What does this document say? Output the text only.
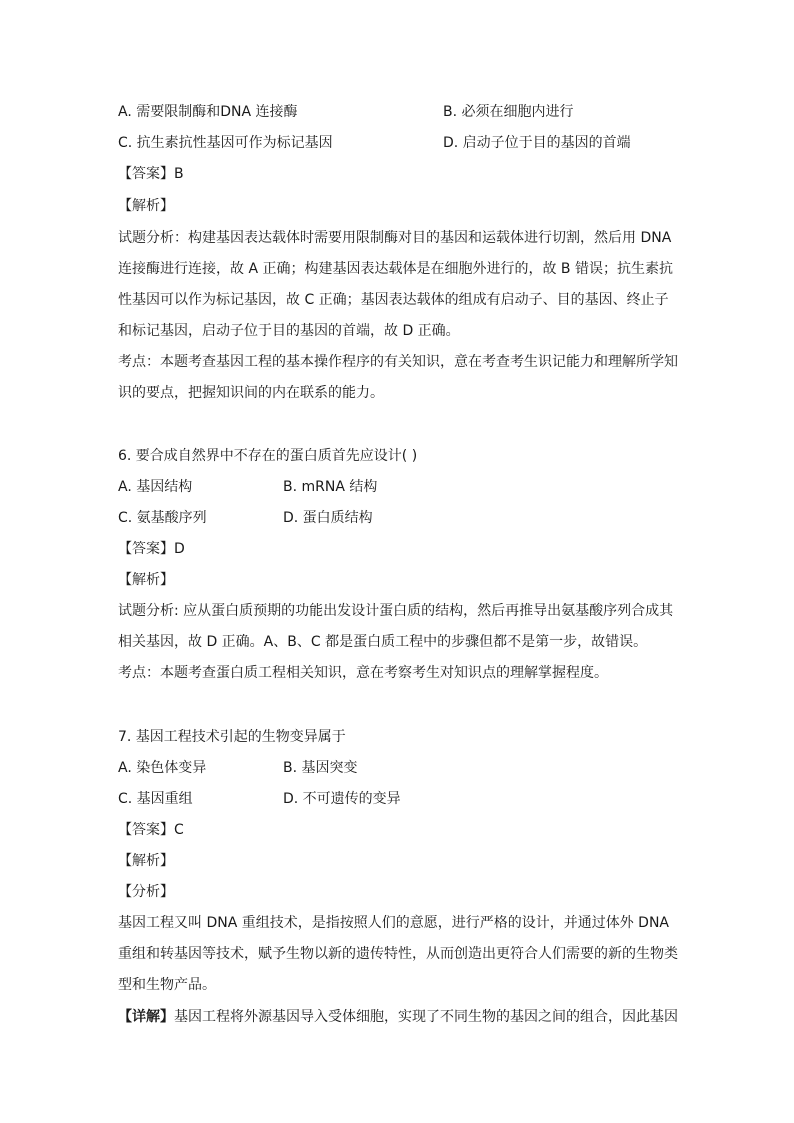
A. 需要限制酶和DNA 连接酶	B. 必须在细胞内进行
C. 抗生素抗性基因可作为标记基因	D. 启动子位于目的基因的首端
【答案】B
【解析】
试题分析：构建基因表达载体时需要用限制酶对目的基因和运载体进行切割，然后用 DNA
连接酶进行连接，故 A 正确；构建基因表达载体是在细胞外进行的，故 B 错误；抗生素抗
性基因可以作为标记基因，故 C 正确；基因表达载体的组成有启动子、目的基因、终止子
和标记基因，启动子位于目的基因的首端，故 D 正确。
考点：本题考查基因工程的基本操作程序的有关知识，意在考查考生识记能力和理解所学知
识的要点，把握知识间的内在联系的能力。
6. 要合成自然界中不存在的蛋白质首先应设计( )
A. 基因结构	B. mRNA 结构
C. 氨基酸序列	D. 蛋白质结构
【答案】D
【解析】
试题分析: 应从蛋白质预期的功能出发设计蛋白质的结构，然后再推导出氨基酸序列合成其
相关基因，故 D 正确。A、B、C 都是蛋白质工程中的步骤但都不是第一步，故错误。
考点：本题考查蛋白质工程相关知识，意在考察考生对知识点的理解掌握程度。
7. 基因工程技术引起的生物变异属于
A. 染色体变异	B. 基因突变
C. 基因重组	D. 不可遗传的变异
【答案】C
【解析】
【分析】
基因工程又叫 DNA 重组技术，是指按照人们的意愿，进行严格的设计，并通过体外 DNA
重组和转基因等技术，赋予生物以新的遗传特性，从而创造出更符合人们需要的新的生物类
型和生物产品。
【详解】基因工程将外源基因导入受体细胞，实现了不同生物的基因之间的组合，因此基因
